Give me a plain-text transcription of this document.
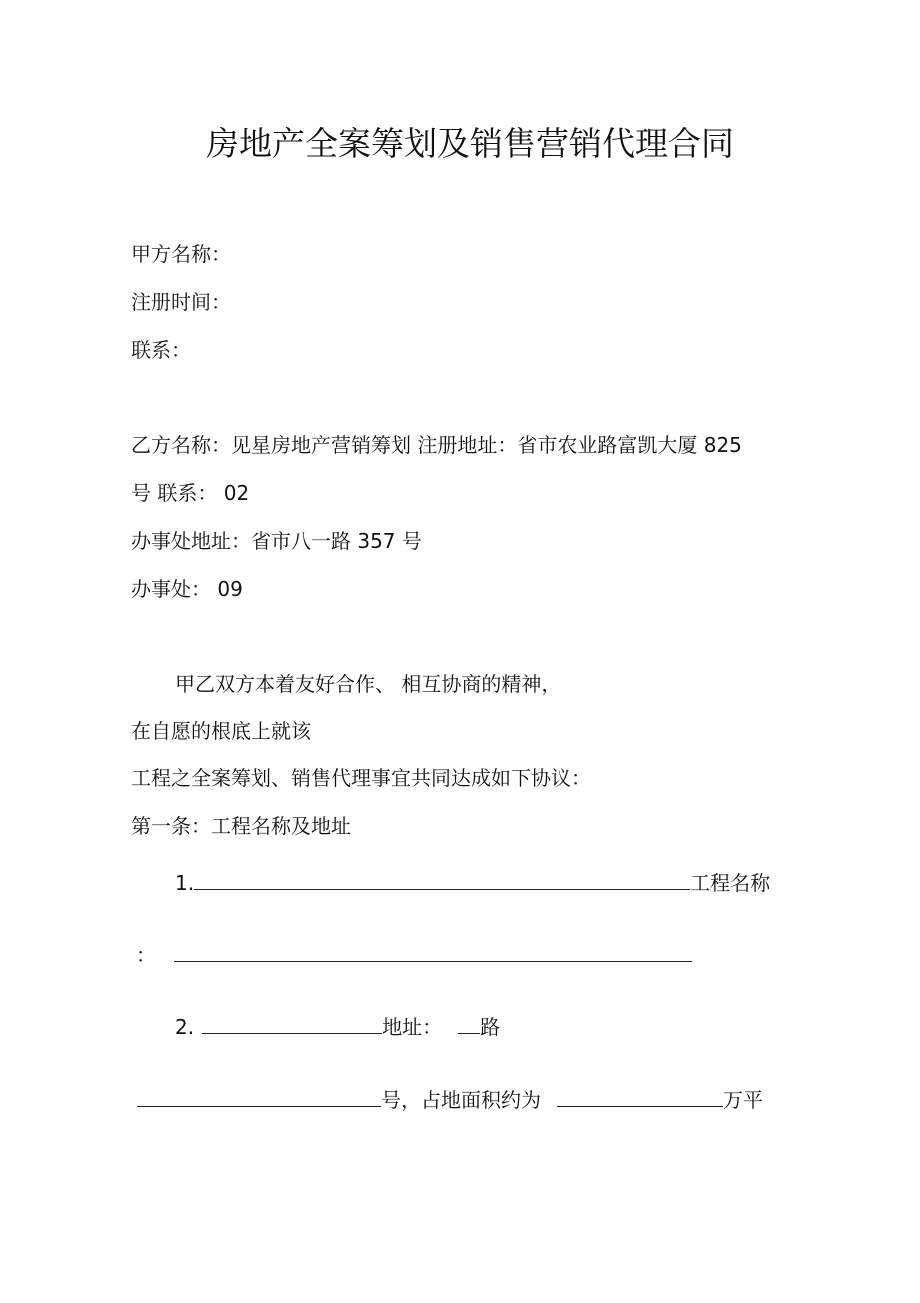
房地产全案筹划及销售营销代理合同
甲方名称：
注册时间：
联系：
乙方名称：见星房地产营销筹划 注册地址：省市农业路富凯大厦 825
号 联系： 02
办事处地址：省市八一路 357 号
办事处： 09
甲乙双方本着友好合作、 相互协商的精神，
在自愿的根底上就该
工程之全案筹划、销售代理事宜共同达成如下协议：
第一条：工程名称及地址
1.	工程名称
：
2.	地址： 路
号，占地面积约为	万平
